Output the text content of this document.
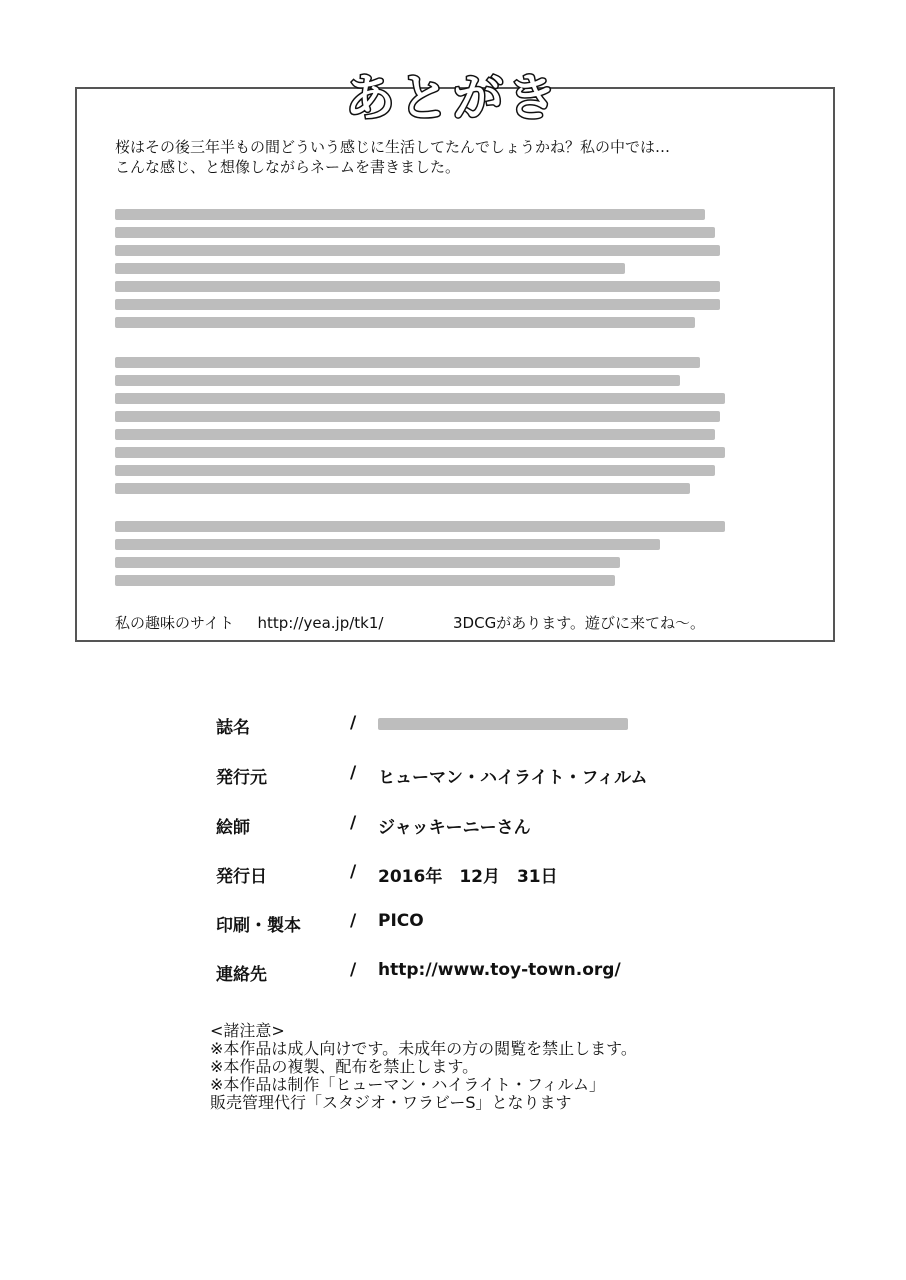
あとがき
桜はその後三年半もの間どういう感じに生活してたんでしょうかね？私の中では…
こんな感じ、と想像しながらネームを書きました。
私の趣味のサイト http://yea.jp/tk1/	3DCGがあります。遊びに来てね～。
誌名	/
発行元	/ ヒューマン・ハイライト・フィルム
絵師	/ ジャッキーニーさん
発行日	/ 2016年　12月　31日
印刷・製本	/ PICO
連絡先	/ http://www.toy-town.org/
<諸注意>
※本作品は成人向けです。未成年の方の閲覧を禁止します。
※本作品の複製、配布を禁止します。
※本作品は制作「ヒューマン・ハイライト・フィルム」
販売管理代行「スタジオ・ワラビーS」となります
